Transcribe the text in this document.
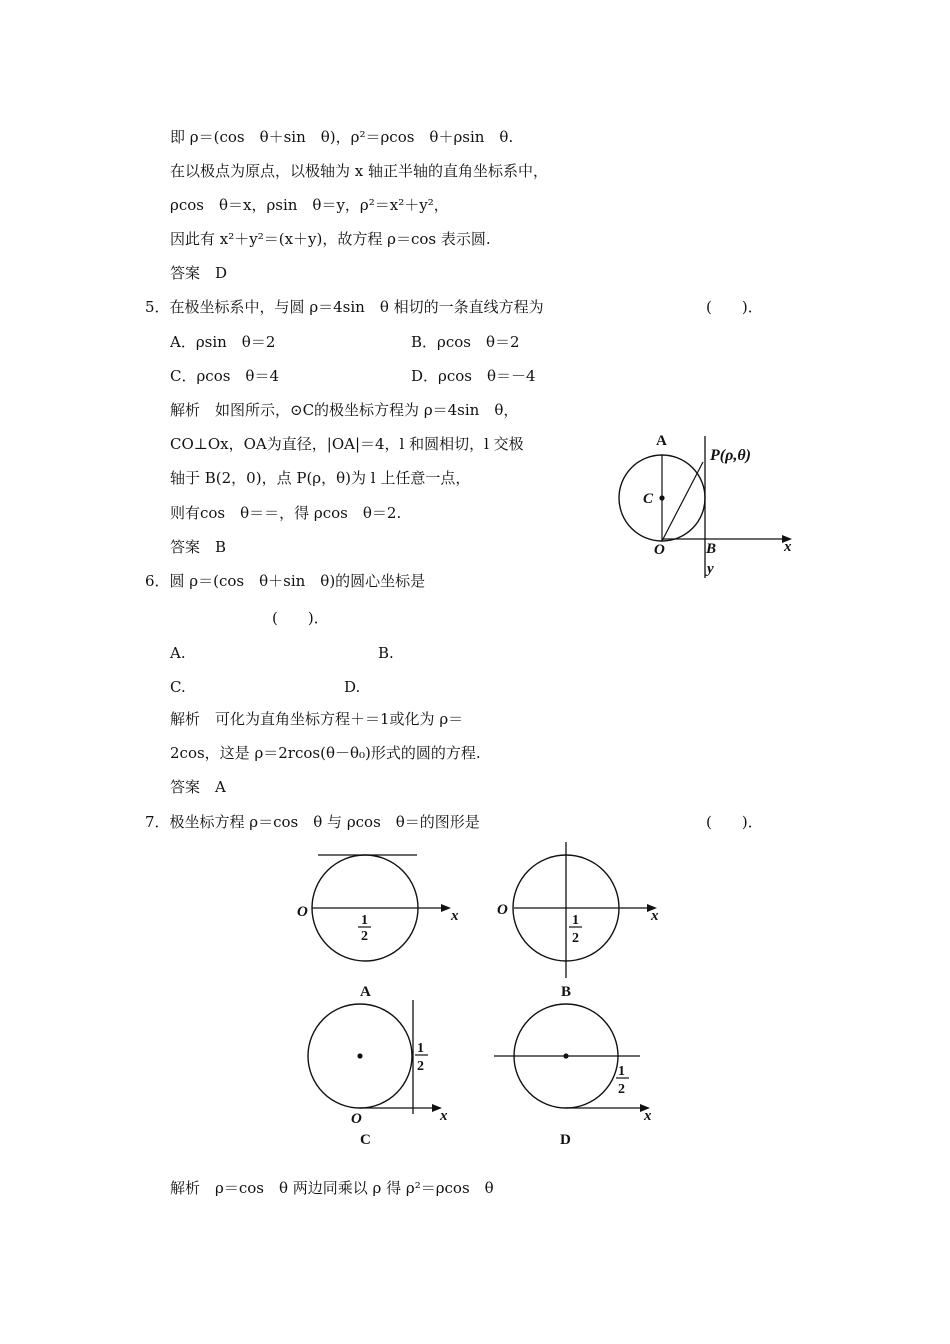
即 ρ＝(cos　θ＋sin　θ)，ρ²＝ρcos　θ＋ρsin　θ.
在以极点为原点，以极轴为 x 轴正半轴的直角坐标系中，
ρcos　θ＝x，ρsin　θ＝y，ρ²＝x²＋y²，
因此有 x²＋y²＝(x＋y)，故方程 ρ＝cos 表示圆.
答案　D
5．在极坐标系中，与圆 ρ＝4sin　θ 相切的一条直线方程为	(　　)．
A．ρsin　θ＝2	B．ρcos　θ＝2
C．ρcos　θ＝4	D．ρcos　θ＝－4
解析　如图所示，⊙C的极坐标方程为 ρ＝4sin　θ，
CO⊥Ox，OA为直径，|OA|＝4，l 和圆相切，l 交极
轴于 B(2，0)，点 P(ρ，θ)为 l 上任意一点，
则有cos　θ＝＝，得 ρcos　θ＝2.
答案　B
A
P(ρ,θ)
C
O	B	x
y
6．圆 ρ＝(cos　θ＋sin　θ)的圆心坐标是
(　　)．
A.	B.
C.	D.
解析　可化为直角坐标方程＋＝1或化为 ρ＝
2cos，这是 ρ＝2rcos(θ－θ₀)形式的圆的方程.
答案　A
7．极坐标方程 ρ＝cos　θ 与 ρcos　θ＝的图形是	(　　)．
O	x
1
2
A
O	x
1
2
B
1
2
O	x
C
1
2
x
D
解析　ρ＝cos　θ 两边同乘以 ρ 得 ρ²＝ρcos　θ
